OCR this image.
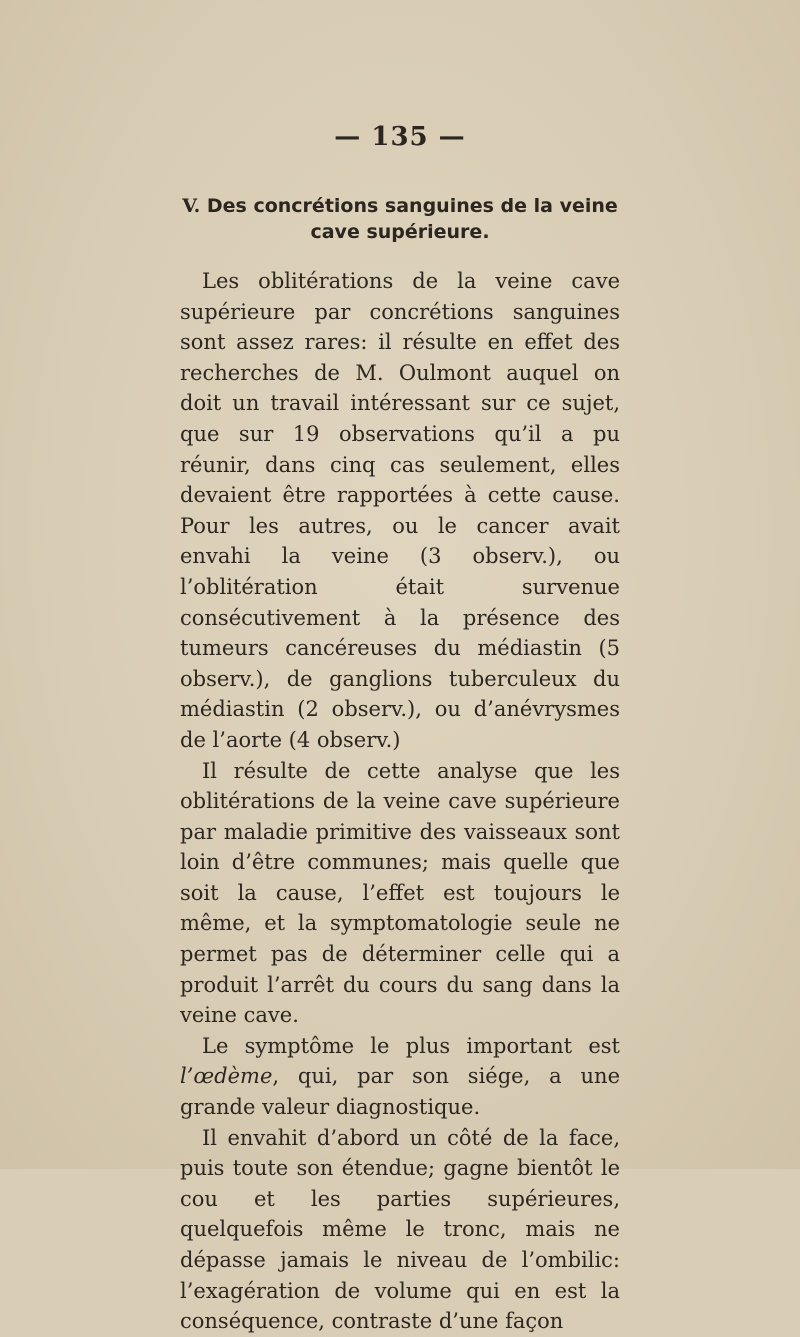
— 135 —
V. Des concrétions sanguines de la veine cave supérieure.

Les oblitérations de la veine cave supérieure par concrétions sanguines sont assez rares: il résulte en effet des recherches de M. Oulmont auquel on doit un travail intéressant sur ce sujet, que sur 19 observations qu’il a pu réunir, dans cinq cas seulement, elles devaient être rapportées à cette cause. Pour les autres, ou le cancer avait envahi la veine (3 observ.), ou l’oblitération était survenue consécutivement à la présence des tumeurs cancéreuses du médiastin (5 observ.), de ganglions tuberculeux du médiastin (2 observ.), ou d’anévrysmes de l’aorte (4 observ.)

Il résulte de cette analyse que les oblitérations de la veine cave supérieure par maladie primitive des vaisseaux sont loin d’être communes; mais quelle que soit la cause, l’effet est toujours le même, et la symptomatologie seule ne permet pas de déterminer celle qui a produit l’arrêt du cours du sang dans la veine cave.

Le symptôme le plus important est l’œdème, qui, par son siége, a une grande valeur diagnostique.

Il envahit d’abord un côté de la face, puis toute son étendue; gagne bientôt le cou et les parties supérieures, quelquefois même le tronc, mais ne dépasse jamais le niveau de l’ombilic: l’exagération de volume qui en est la conséquence, contraste d’une façon
